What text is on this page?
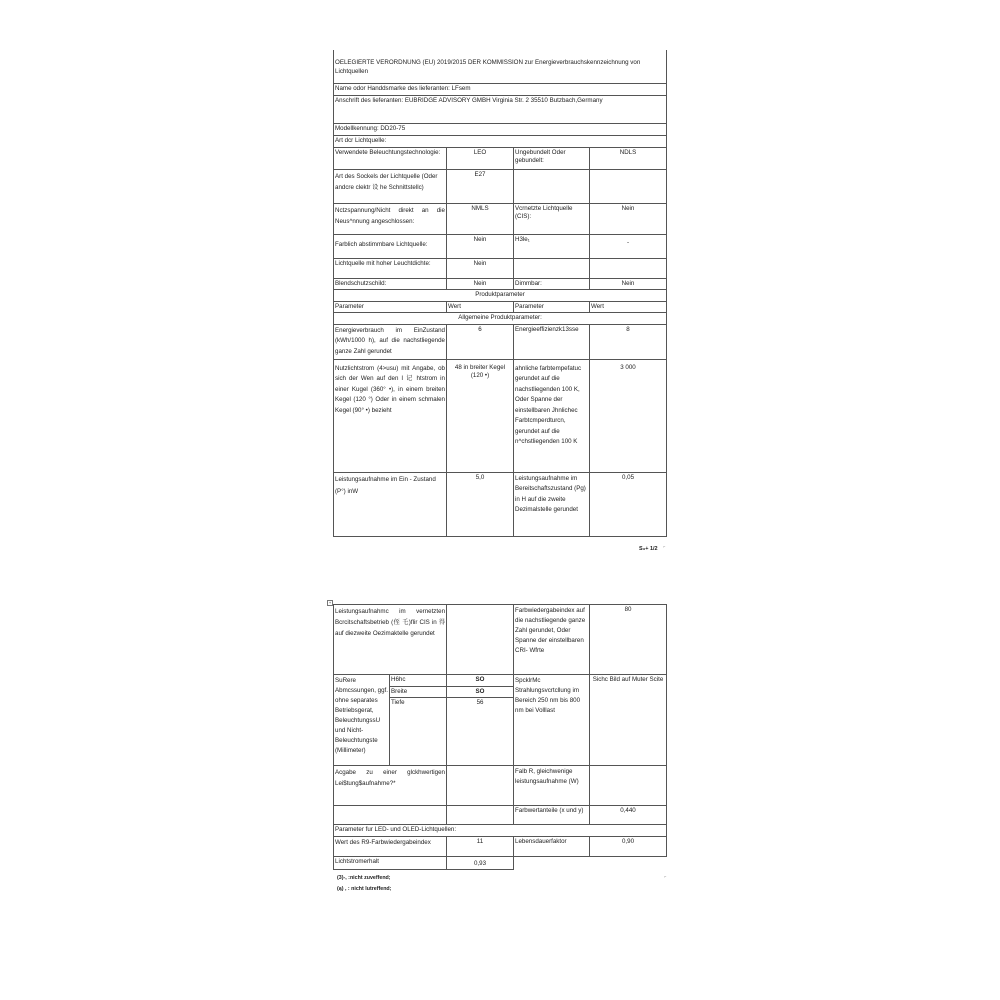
OELEGIERTE VERORDNUNG (EU) 2019/2015 DER KOMMISSION zur Energieverbrauchskennzeichnung von Lichtquellen			
Name odor Handdsmarke des lieferanten: LFsem			
Anschrift des lieferanten: EUBRIDGE ADVISORY GMBH Virginia Str. 2 35510 Butzbach,Germany			
Modellkennung: DD20-75			
Art dcr Lichtquelle:			
Verwendete Beleuchtungstechnologie:	LEO	Ungebundelt Oder gebundelt:	NDLS
Art des Sockels der Lichtquelle (Oder andcre clektr 设 he Schnittstellc)	E27		
Nctzspannung/Nicht direkt an die Neus^nnung angeschlossen:	NMLS	Vcrnetzte Lichtquelle (CIS):	Nein
Farblich abstimmbare Lichtquelle:	Nein	H3le₁	-
Lichtquelle mit hoher Leuchtdichte:	Nein		
Blendschutzschild:	Nein	Dimmbar:	Nein
Produktparameter			
Parameter	Wert	Parameter	Wert
Allgemeine Produktparameter:			
Energieverbrauch im EinZustand (kWh/1000 h), auf die nachstliegende ganze Zahl gerundet	6	Energieeffizienzk13sse	8
Nutzlichtstrom (4>usu) mit Angabe, ob sich der Wen auf den I 记 htstrom in einer Kugel (360° •), in einem breiten Kegel (120 °) Oder in einem schmalen Kegel (90° •) bezieht	48 in breiter Kegel (120 •)	ahnliche farbtempefatuc gerundet auf die nachstliegenden 100 K, Oder Spanne der einstellbaren Jhnlichec Farbtcmperdturcn, gerundet auf die n^chstliegenden 100 K	3 000
Leistungsaufnahme im Ein - Zustand (P°) inW	5,0	Leistungsaufnahme im Bereitschaftszustand (Pg) in H auf die zweite Dezimalstelle gerundet	0,05
S₃+ 1/2 ⌐
+
Leistungsaufnahmc im vernetzten Bcrcitschaftsbetrieb (侄 乇)flir CIS in 得 auf diezweite Oezimaktelle gerundet			Farbwiedergabeindex auf die nachstliegende ganze Zahl gerundet, Oder Spanne der einstellbaren CRI- Wfrte	80
SuRere Abmcssungen, ggf. ohne separates Betriebsgerat, BeleuchtungssU und Nicht-Beleuchtungste (Millimeter)	H6hc	SO	SpcklrMc Strahlungsvcrtcllung im Bereich 250 nm bis 800 nm bei Volllast	Sichc Bild auf Muter Scite
	Breite	SO		
	Tiefe	56		
Acgabe zu einer glckhwertigen Lei$tung$aufnahme?*			Falb R, gleichwenige leistungsaufnahme (W)	
			Farbwertanteile (x und y)	0,440
Parameter fur LED- und OLED-Lichtquellen:				
Wert des R9-Farbwiedergabeindex		11	Lebensdauerfaktor	0,90
Lichtstromerhalt		0,93		
(3)-, :nicht zuveffend;
(ą) , : nicht lutreffend;
⌐
